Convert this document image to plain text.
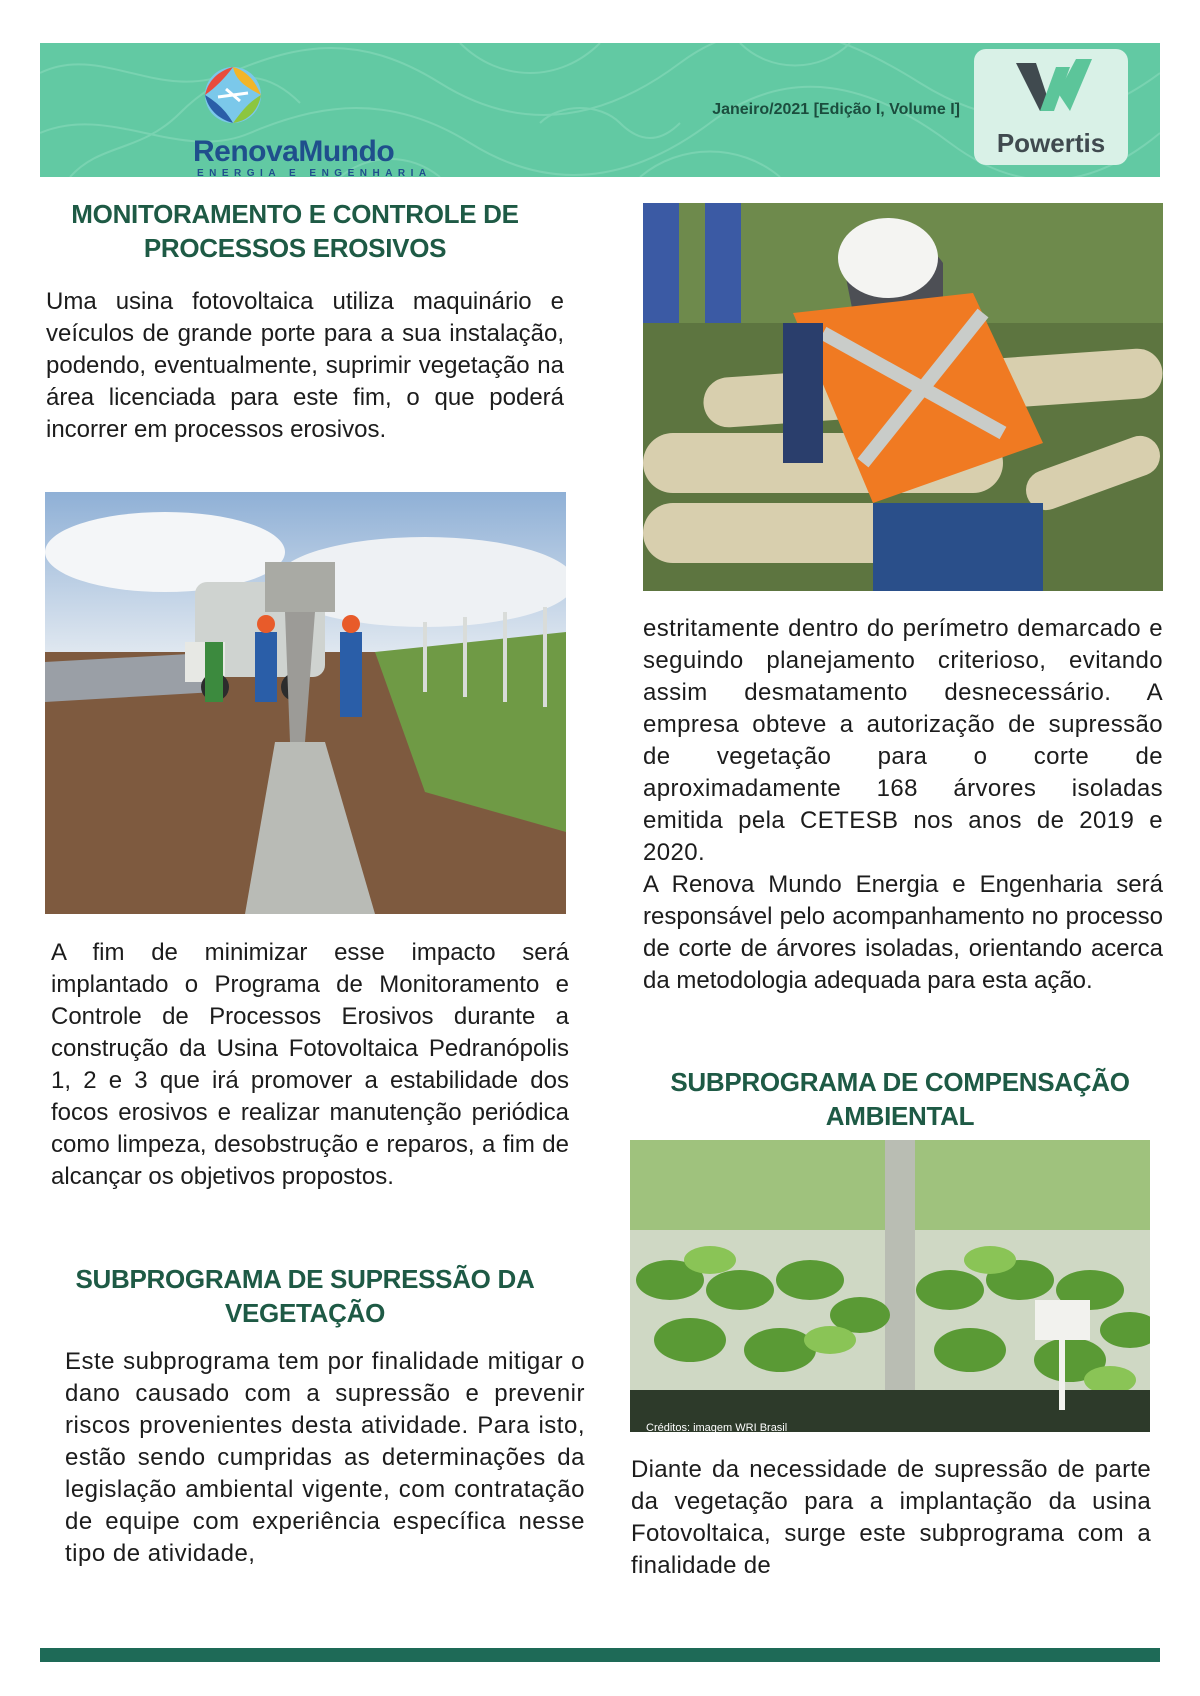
RenovaMundo
ENERGIA E ENGENHARIA
Janeiro/2021 [Edição I, Volume I]
Powertis
MONITORAMENTO E CONTROLE DE PROCESSOS EROSIVOS
Uma usina fotovoltaica utiliza maquinário e veículos de grande porte para a sua instalação, podendo, eventualmente, suprimir vegetação na área licenciada para este fim, o que poderá incorrer em processos erosivos.
A fim de minimizar esse impacto será implantado o Programa de Monitoramento e Controle de Processos Erosivos durante a construção da Usina Fotovoltaica Pedranópolis 1, 2 e 3 que irá promover a estabilidade dos focos erosivos e realizar manutenção periódica como limpeza, desobstrução e reparos, a fim de alcançar os objetivos propostos.
SUBPROGRAMA DE SUPRESSÃO DA VEGETAÇÃO
Este subprograma tem por finalidade mitigar o dano causado com a supressão e prevenir riscos provenientes desta atividade. Para isto, estão sendo cumpridas as determinações da legislação ambiental vigente, com contratação de equipe com experiência específica nesse tipo de atividade,
estritamente dentro do perímetro demarcado e seguindo planejamento criterioso, evitando assim desmatamento desnecessário. A empresa obteve a autorização de supressão de vegetação para o corte de aproximadamente 168 árvores isoladas emitida pela CETESB nos anos de 2019 e 2020.
A Renova Mundo Energia e Engenharia será responsável pelo acompanhamento no processo de corte de árvores isoladas, orientando acerca da metodologia adequada para esta ação.
SUBPROGRAMA DE COMPENSAÇÃO AMBIENTAL
Créditos: imagem WRI Brasil
Diante da necessidade de supressão de parte da vegetação para a implantação da usina Fotovoltaica, surge este subprograma com a finalidade de
